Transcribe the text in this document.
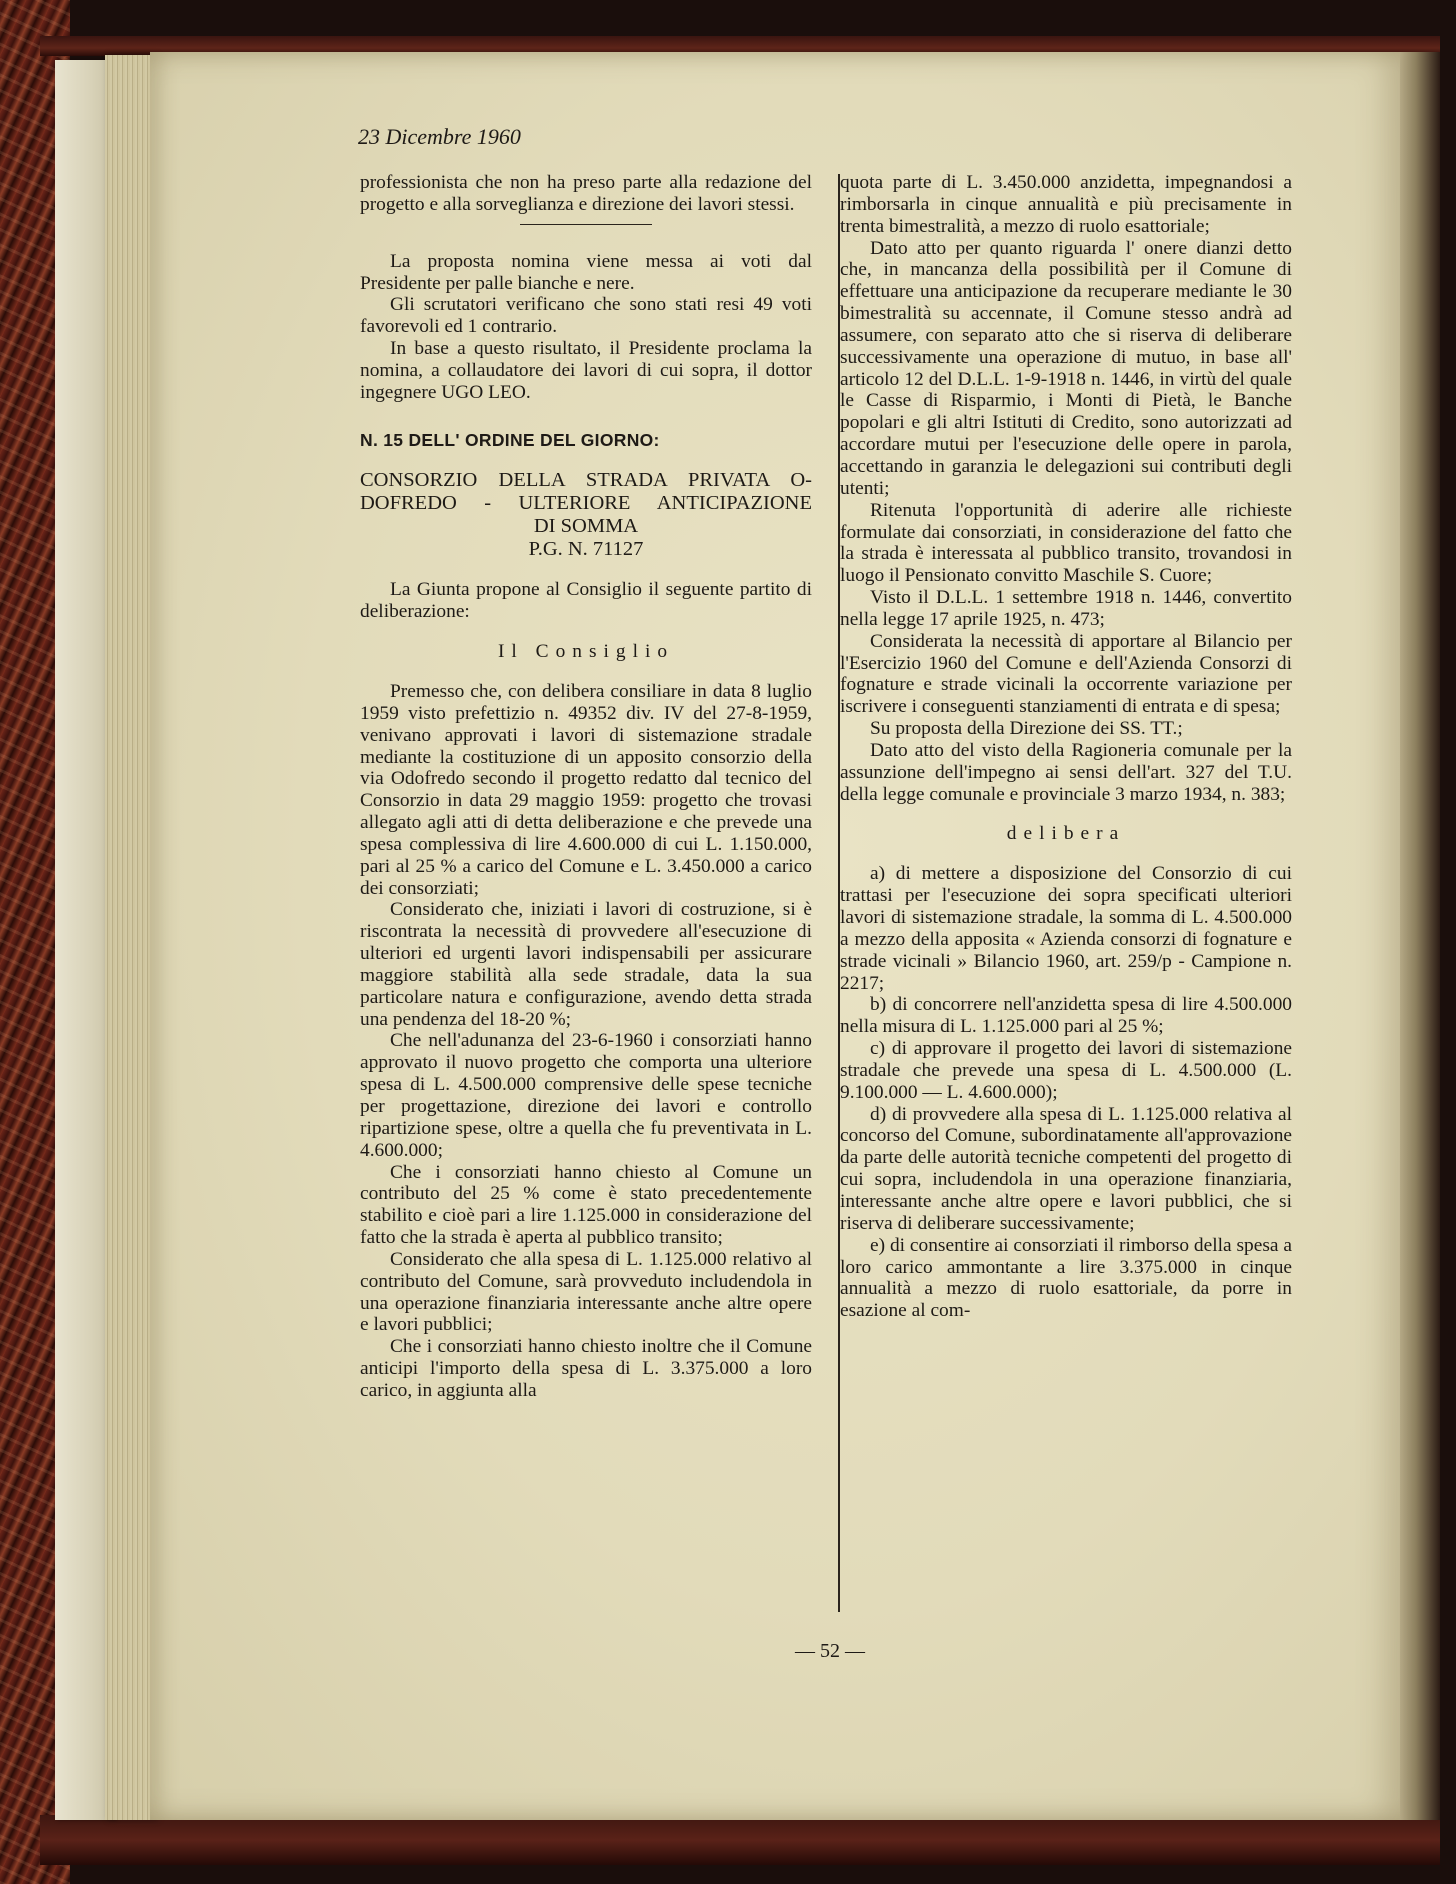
23 Dicembre 1960

professionista che non ha preso parte alla redazione del progetto e alla sorveglianza e direzione dei lavori stessi.

La proposta nomina viene messa ai voti dal Presidente per palle bianche e nere.

Gli scrutatori verificano che sono stati resi 49 voti favorevoli ed 1 contrario.

In base a questo risultato, il Presidente proclama la nomina, a collaudatore dei lavori di cui sopra, il dottor ingegnere UGO LEO.

N. 15 DELL' ORDINE DEL GIORNO:

CONSORZIO DELLA STRADA PRIVATA O-
DOFREDO - ULTERIORE ANTICIPAZIONE
DI SOMMA
P.G. N. 71127

La Giunta propone al Consiglio il seguente partito di deliberazione:

Il Consiglio

Premesso che, con delibera consiliare in data 8 luglio 1959 visto prefettizio n. 49352 div. IV del 27-8-1959, venivano approvati i lavori di sistemazione stradale mediante la costituzione di un apposito consorzio della via Odofredo secondo il progetto redatto dal tecnico del Consorzio in data 29 maggio 1959: progetto che trovasi allegato agli atti di detta deliberazione e che prevede una spesa complessiva di lire 4.600.000 di cui L. 1.150.000, pari al 25 % a carico del Comune e L. 3.450.000 a carico dei consorziati;

Considerato che, iniziati i lavori di costruzione, si è riscontrata la necessità di provvedere all'esecuzione di ulteriori ed urgenti lavori indispensabili per assicurare maggiore stabilità alla sede stradale, data la sua particolare natura e configurazione, avendo detta strada una pendenza del 18-20 %;

Che nell'adunanza del 23-6-1960 i consorziati hanno approvato il nuovo progetto che comporta una ulteriore spesa di L. 4.500.000 comprensive delle spese tecniche per progettazione, direzione dei lavori e controllo ripartizione spese, oltre a quella che fu preventivata in L. 4.600.000;

Che i consorziati hanno chiesto al Comune un contributo del 25 % come è stato precedentemente stabilito e cioè pari a lire 1.125.000 in considerazione del fatto che la strada è aperta al pubblico transito;

Considerato che alla spesa di L. 1.125.000 relativo al contributo del Comune, sarà provveduto includendola in una operazione finanziaria interessante anche altre opere e lavori pubblici;

Che i consorziati hanno chiesto inoltre che il Comune anticipi l'importo della spesa di L. 3.375.000 a loro carico, in aggiunta alla

quota parte di L. 3.450.000 anzidetta, impegnandosi a rimborsarla in cinque annualità e più precisamente in trenta bimestralità, a mezzo di ruolo esattoriale;

Dato atto per quanto riguarda l' onere dianzi detto che, in mancanza della possibilità per il Comune di effettuare una anticipazione da recuperare mediante le 30 bimestralità su accennate, il Comune stesso andrà ad assumere, con separato atto che si riserva di deliberare successivamente una operazione di mutuo, in base all' articolo 12 del D.L.L. 1-9-1918 n. 1446, in virtù del quale le Casse di Risparmio, i Monti di Pietà, le Banche popolari e gli altri Istituti di Credito, sono autorizzati ad accordare mutui per l'esecuzione delle opere in parola, accettando in garanzia le delegazioni sui contributi degli utenti;

Ritenuta l'opportunità di aderire alle richieste formulate dai consorziati, in considerazione del fatto che la strada è interessata al pubblico transito, trovandosi in luogo il Pensionato convitto Maschile S. Cuore;

Visto il D.L.L. 1 settembre 1918 n. 1446, convertito nella legge 17 aprile 1925, n. 473;

Considerata la necessità di apportare al Bilancio per l'Esercizio 1960 del Comune e dell'Azienda Consorzi di fognature e strade vicinali la occorrente variazione per iscrivere i conseguenti stanziamenti di entrata e di spesa;

Su proposta della Direzione dei SS. TT.;

Dato atto del visto della Ragioneria comunale per la assunzione dell'impegno ai sensi dell'art. 327 del T.U. della legge comunale e provinciale 3 marzo 1934, n. 383;

delibera

a) di mettere a disposizione del Consorzio di cui trattasi per l'esecuzione dei sopra specificati ulteriori lavori di sistemazione stradale, la somma di L. 4.500.000 a mezzo della apposita « Azienda consorzi di fognature e strade vicinali » Bilancio 1960, art. 259/p - Campione n. 2217;

b) di concorrere nell'anzidetta spesa di lire 4.500.000 nella misura di L. 1.125.000 pari al 25 %;

c) di approvare il progetto dei lavori di sistemazione stradale che prevede una spesa di L. 4.500.000 (L. 9.100.000 — L. 4.600.000);

d) di provvedere alla spesa di L. 1.125.000 relativa al concorso del Comune, subordinatamente all'approvazione da parte delle autorità tecniche competenti del progetto di cui sopra, includendola in una operazione finanziaria, interessante anche altre opere e lavori pubblici, che si riserva di deliberare successivamente;

e) di consentire ai consorziati il rimborso della spesa a loro carico ammontante a lire 3.375.000 in cinque annualità a mezzo di ruolo esattoriale, da porre in esazione al com-

— 52 —
